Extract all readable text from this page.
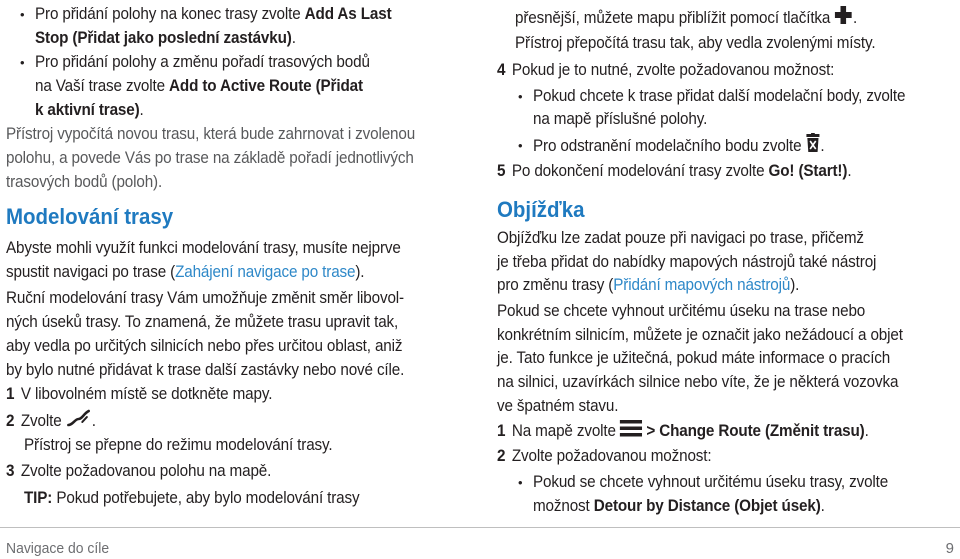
• Pro přidání polohy na konec trasy zvolte Add As Last
Stop (Přidat jako poslední zastávku).
• Pro přidání polohy a změnu pořadí trasových bodů
na Vaší trase zvolte Add to Active Route (Přidat
k aktivní trase).
Přístroj vypočítá novou trasu, která bude zahrnovat i zvolenou
polohu, a povede Vás po trase na základě pořadí jednotlivých
trasových bodů (poloh).
Modelování trasy
Abyste mohli využít funkci modelování trasy, musíte nejprve
spustit navigaci po trase (Zahájení navigace po trase).
Ruční modelování trasy Vám umožňuje změnit směr libovol-
ných úseků trasy. To znamená, že můžete trasu upravit tak,
aby vedla po určitých silnicích nebo přes určitou oblast, aniž
by bylo nutné přidávat k trase další zastávky nebo nové cíle.
1 V libovolném místě se dotkněte mapy.
2 Zvolte .
Přístroj se přepne do režimu modelování trasy.
3 Zvolte požadovanou polohu na mapě.
TIP: Pokud potřebujete, aby bylo modelování trasy
přesnější, můžete mapu přiblížit pomocí tlačítka .
Přístroj přepočítá trasu tak, aby vedla zvolenými místy.
4 Pokud je to nutné, zvolte požadovanou možnost:
• Pokud chcete k trase přidat další modelační body, zvolte
na mapě příslušné polohy.
• Pro odstranění modelačního bodu zvolte .
5 Po dokončení modelování trasy zvolte Go! (Start!).
Objížďka
Objížďku lze zadat pouze při navigaci po trase, přičemž
je třeba přidat do nabídky mapových nástrojů také nástroj
pro změnu trasy (Přidání mapových nástrojů).
Pokud se chcete vyhnout určitému úseku na trase nebo
konkrétním silnicím, můžete je označit jako nežádoucí a objet
je. Tato funkce je užitečná, pokud máte informace o pracích
na silnici, uzavírkách silnice nebo víte, že je některá vozovka
ve špatném stavu.
1 Na mapě zvolte  > Change Route (Změnit trasu).
2 Zvolte požadovanou možnost:
• Pokud se chcete vyhnout určitému úseku trasy, zvolte
možnost Detour by Distance (Objet úsek).
Navigace do cíle	9
